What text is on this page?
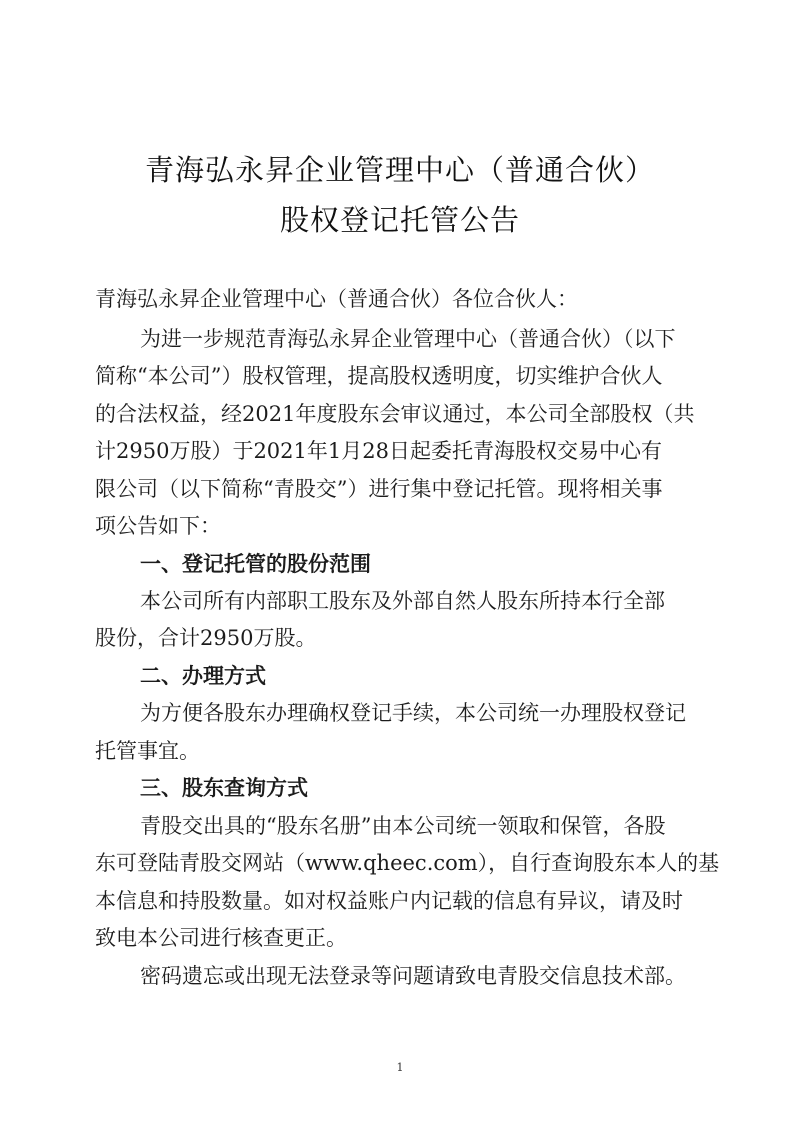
青海弘永昇企业管理中心（普通合伙）
股权登记托管公告
青海弘永昇企业管理中心（普通合伙）各位合伙人：
为进一步规范青海弘永昇企业管理中心（普通合伙）（以下
简称“本公司”）股权管理，提高股权透明度，切实维护合伙人
的合法权益，经2021年度股东会审议通过，本公司全部股权（共
计2950万股）于2021年1月28日起委托青海股权交易中心有
限公司（以下简称“青股交”）进行集中登记托管。现将相关事
项公告如下：
一、登记托管的股份范围
本公司所有内部职工股东及外部自然人股东所持本行全部
股份，合计2950万股。
二、办理方式
为方便各股东办理确权登记手续，本公司统一办理股权登记
托管事宜。
三、股东查询方式
青股交出具的“股东名册”由本公司统一领取和保管，各股
东可登陆青股交网站（www.qheec.com），自行查询股东本人的基
本信息和持股数量。如对权益账户内记载的信息有异议，请及时
致电本公司进行核查更正。
密码遗忘或出现无法登录等问题请致电青股交信息技术部。
1
